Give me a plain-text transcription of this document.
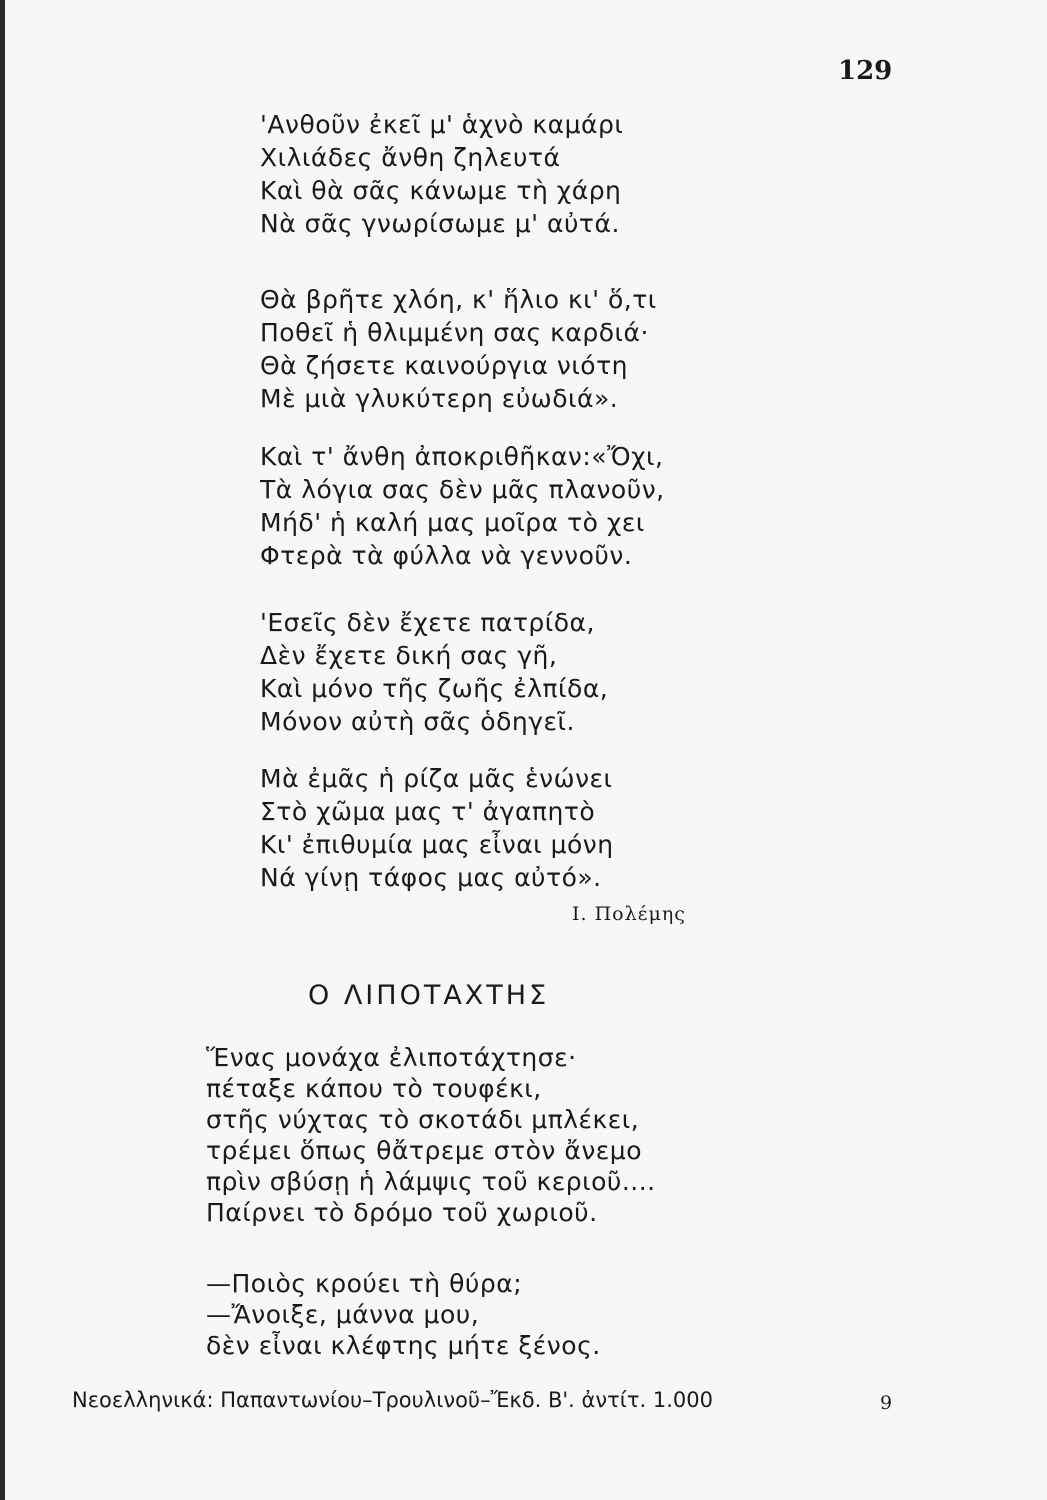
129
'Ανθοῦν ἐκεῖ μ' ἁχνὸ καμάρι
Χιλιάδες ἄνθη ζηλευτά
Καὶ θὰ σᾶς κάνωμε τὴ χάρη
Νὰ σᾶς γνωρίσωμε μ' αὐτά.
Θὰ βρῆτε χλόη, κ' ἥλιο κι' ὅ,τι
Ποθεῖ ἡ θλιμμένη σας καρδιά·
Θὰ ζήσετε καινούργια νιότη
Μὲ μιὰ γλυκύτερη εὐωδιά».
Καὶ τ' ἄνθη ἀποκριθῆκαν:«Ὄχι,
Τὰ λόγια σας δὲν μᾶς πλανοῦν,
Μήδ' ἡ καλή μας μοῖρα τὸ χει
Φτερὰ τὰ φύλλα νὰ γεννοῦν.
'Εσεῖς δὲν ἔχετε πατρίδα,
Δὲν ἔχετε δική σας γῆ,
Καὶ μόνο τῆς ζωῆς ἐλπίδα,
Μόνον αὐτὴ σᾶς ὁδηγεῖ.
Μὰ ἐμᾶς ἡ ρίζα μᾶς ἑνώνει
Στὸ χῶμα μας τ' ἀγαπητὸ
Κι' ἐπιθυμία μας εἶναι μόνη
Νά γίνῃ τάφος μας αὐτό».
Ι. Πολέμης
Ο ΛΙΠΟΤΑΧΤΗΣ
Ἕνας μονάχα ἐλιποτάχτησε·
πέταξε κάπου τὸ τουφέκι,
στῆς νύχτας τὸ σκοτάδι μπλέκει,
τρέμει ὅπως θἄτρεμε στὸν ἄνεμο
πρὶν σβύσῃ ἡ λάμψις τοῦ κεριοῦ....
Παίρνει τὸ δρόμο τοῦ χωριοῦ.
—Ποιὸς κρούει τὴ θύρα;
—Ἄνοιξε, μάννα μου,
δὲν εἶναι κλέφτης μήτε ξένος.
Νεοελληνικά: Παπαντωνίου–Τρουλινοῦ–Ἔκδ. Β'. ἀντίτ. 1.000	9
